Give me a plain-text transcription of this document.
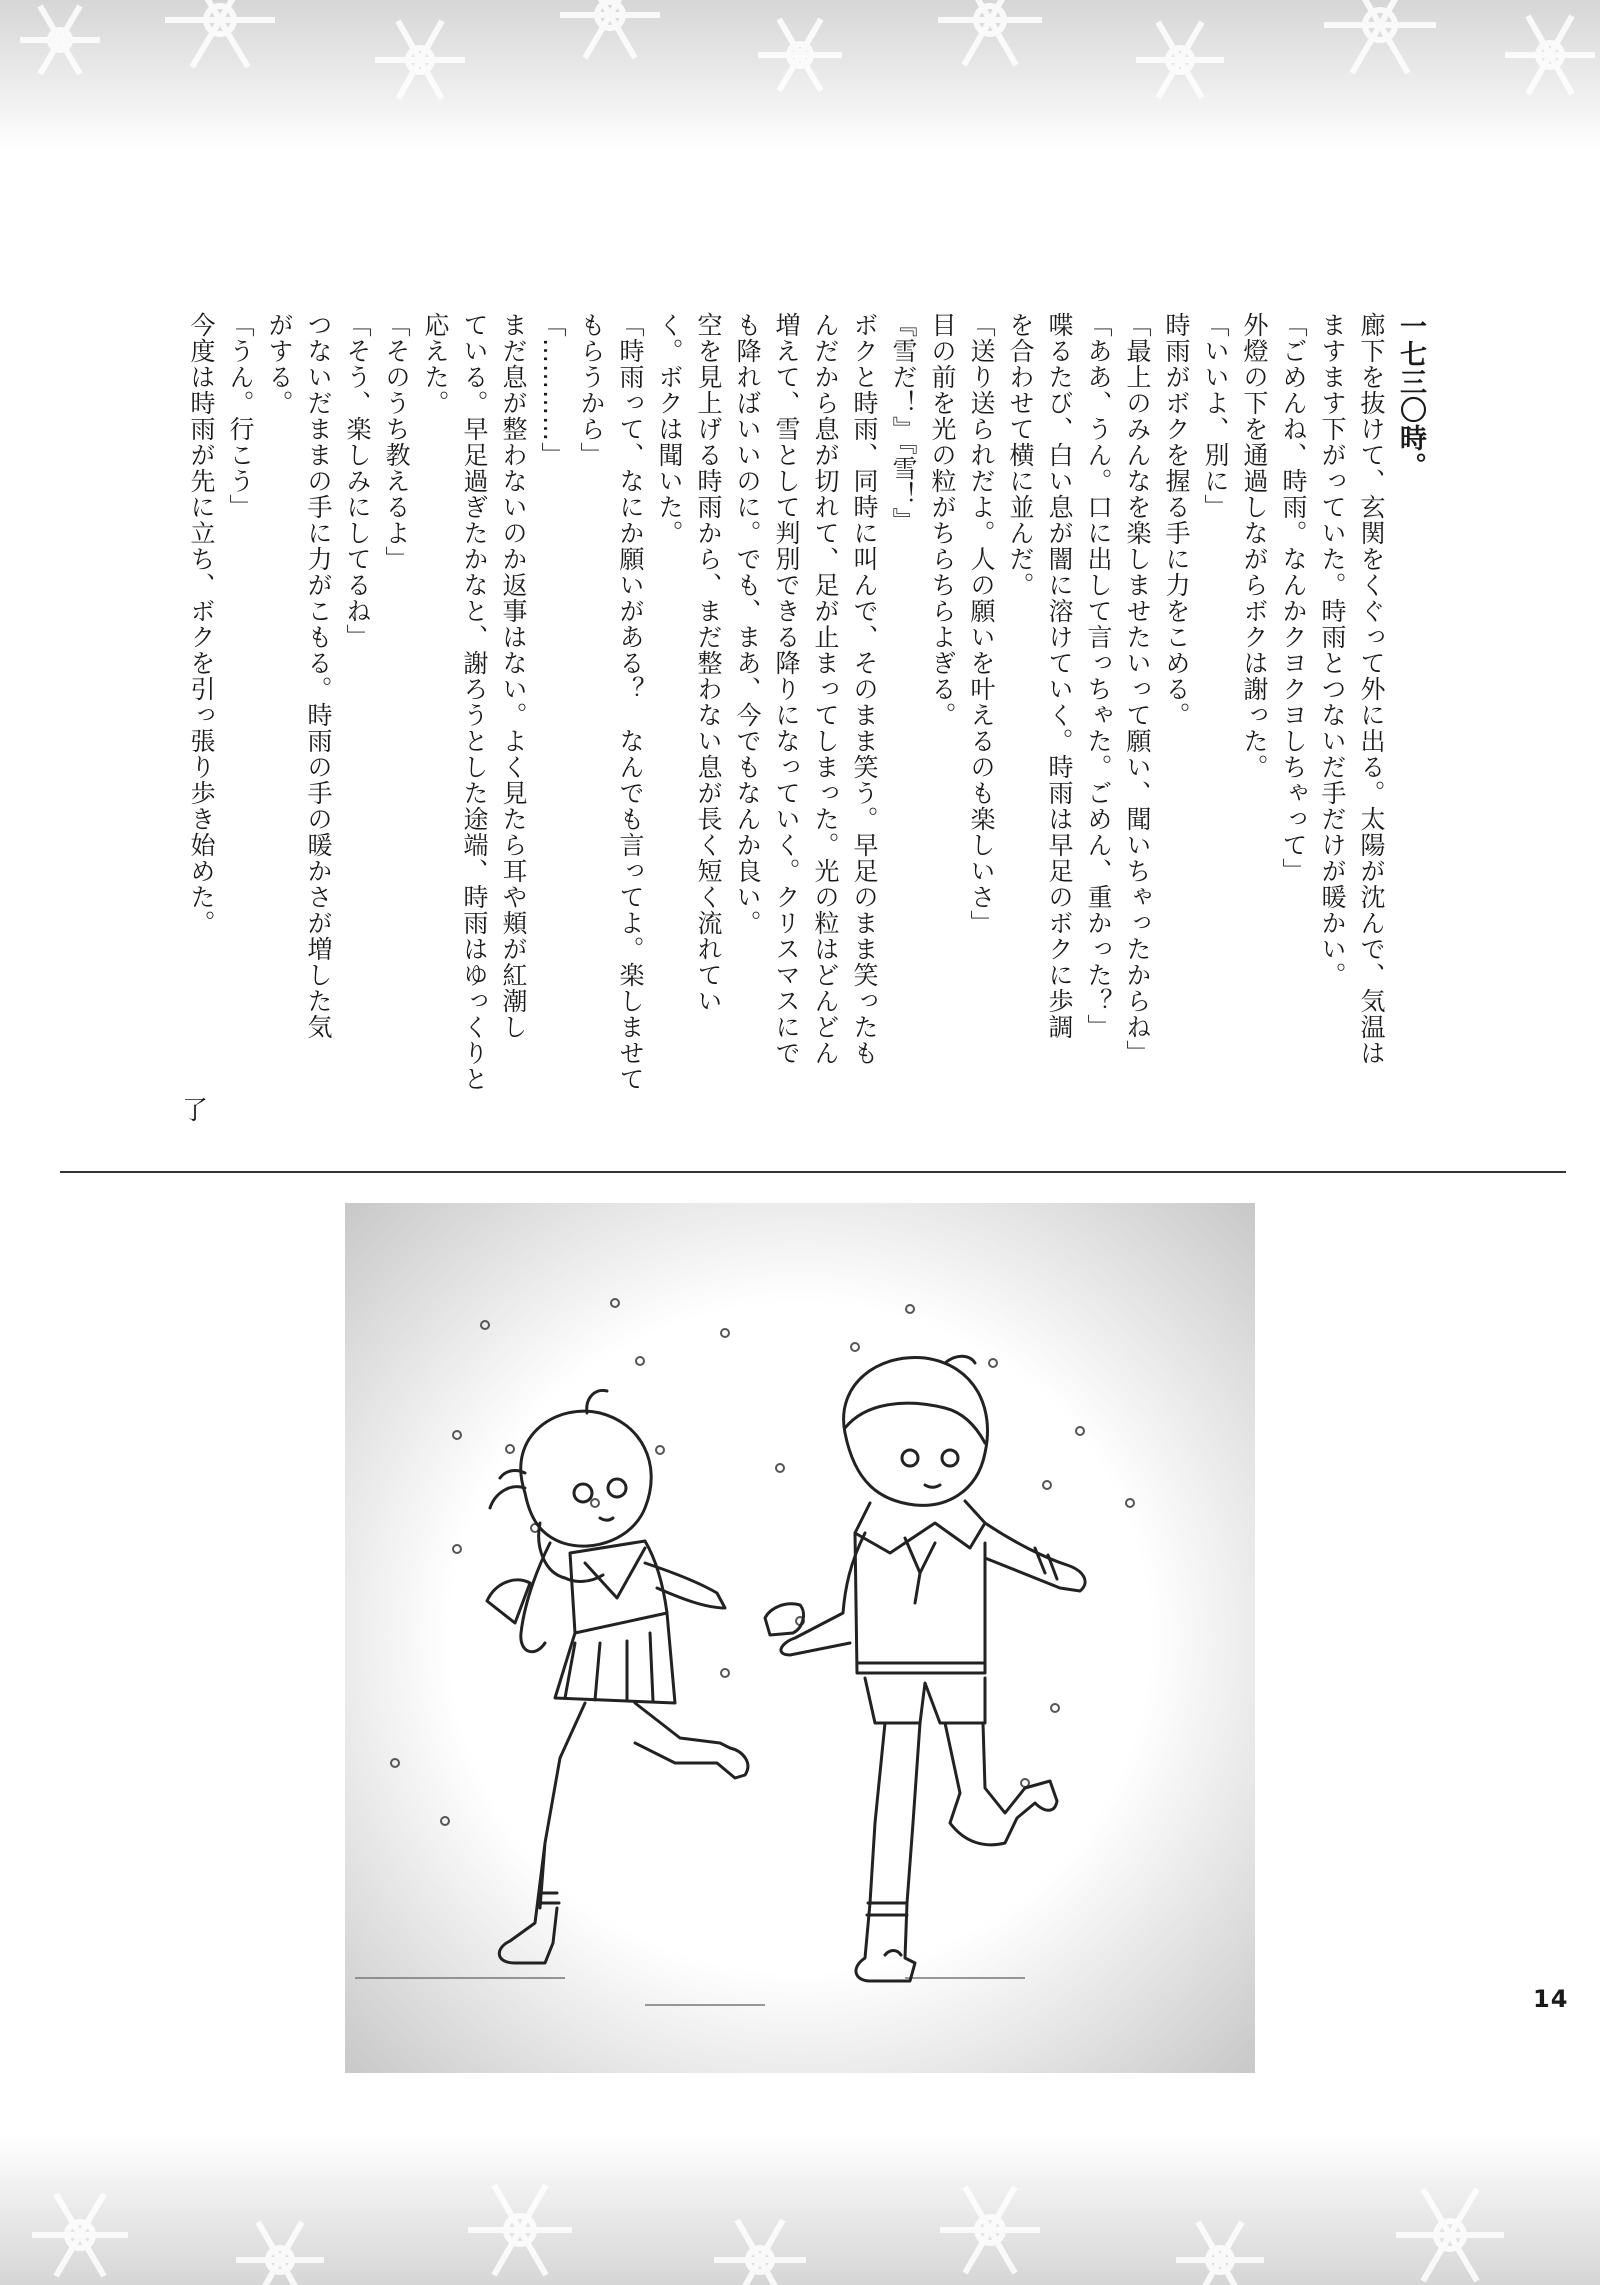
一七三〇時。

廊下を抜けて、玄関をくぐって外に出る。太陽が沈んで、気温は

ますます下がっていた。時雨とつないだ手だけが暖かい。

「ごめんね、時雨。なんかクヨクヨしちゃって」

外燈の下を通過しながらボクは謝った。

「いいよ、別に」

時雨がボクを握る手に力をこめる。

「最上のみんなを楽しませたいって願い、聞いちゃったからね」

「ああ、うん。口に出して言っちゃた。ごめん、重かった？」

喋るたび、白い息が闇に溶けていく。時雨は早足のボクに歩調

を合わせて横に並んだ。

「送り送られだよ。人の願いを叶えるのも楽しいさ」

目の前を光の粒がちらちらよぎる。

『雪だ！』『雪！』

ボクと時雨、同時に叫んで、そのまま笑う。早足のまま笑ったも

んだから息が切れて、足が止まってしまった。光の粒はどんどん

増えて、雪として判別できる降りになっていく。クリスマスにで

も降ればいいのに。でも、まあ、今でもなんか良い。

空を見上げる時雨から、まだ整わない息が長く短く流れてい

く。ボクは聞いた。

「時雨って、なにか願いがある？　なんでも言ってよ。楽しませて

もらうから」

「…………」

まだ息が整わないのか返事はない。よく見たら耳や頬が紅潮し

ている。早足過ぎたかなと、謝ろうとした途端、時雨はゆっくりと

応えた。

「そのうち教えるよ」

「そう、楽しみにしてるね」

つないだままの手に力がこもる。時雨の手の暖かさが増した気

がする。

「うん。行こう」

今度は時雨が先に立ち、ボクを引っ張り歩き始めた。

了
14
